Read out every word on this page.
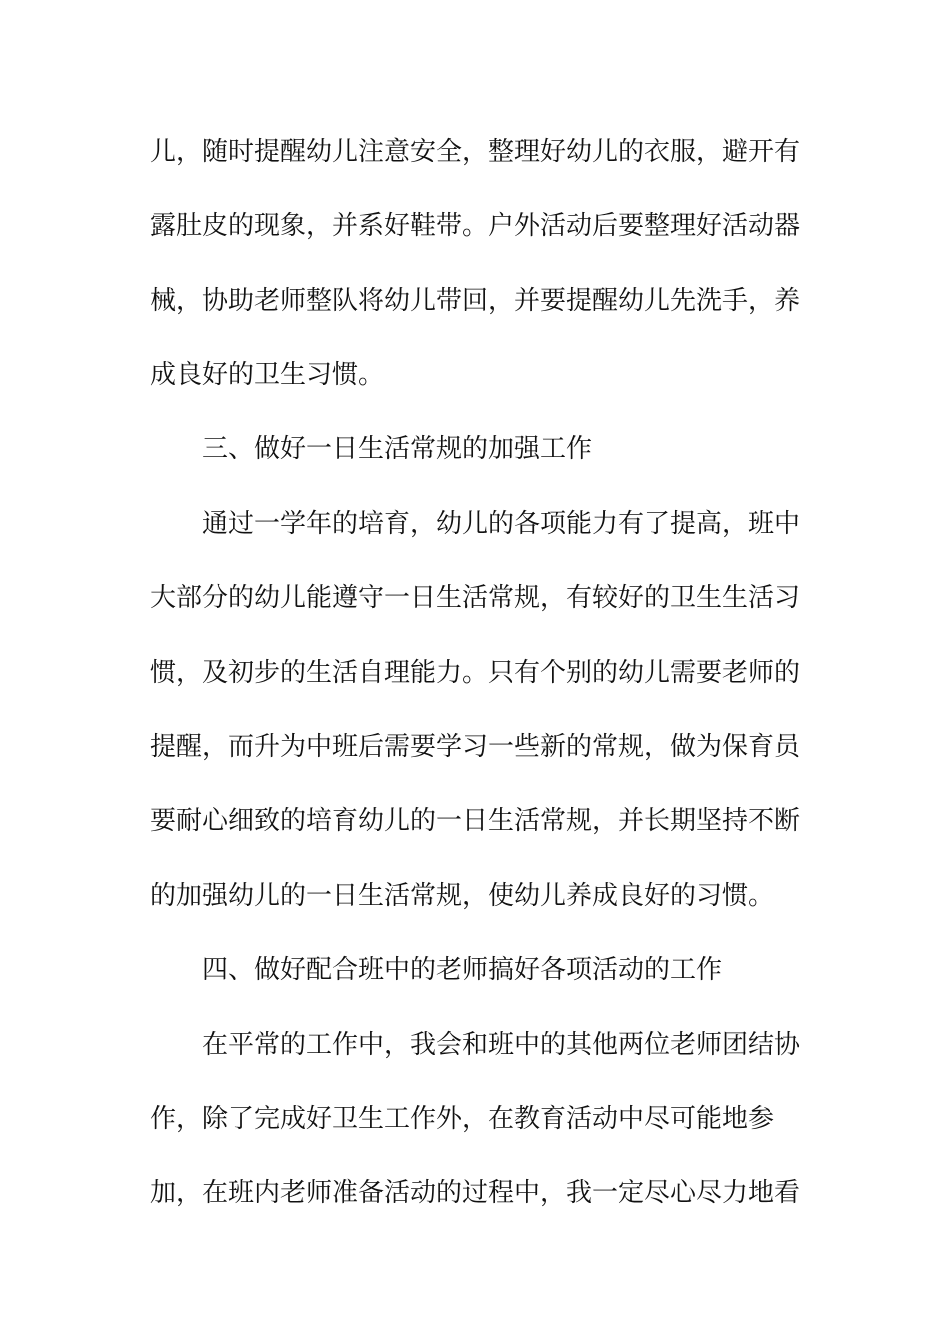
儿，随时提醒幼儿注意安全，整理好幼儿的衣服，避开有
露肚皮的现象，并系好鞋带。户外活动后要整理好活动器
械，协助老师整队将幼儿带回，并要提醒幼儿先洗手，养
成良好的卫生习惯。
三、做好一日生活常规的加强工作
通过一学年的培育，幼儿的各项能力有了提高，班中
大部分的幼儿能遵守一日生活常规，有较好的卫生生活习
惯，及初步的生活自理能力。只有个别的幼儿需要老师的
提醒，而升为中班后需要学习一些新的常规，做为保育员
要耐心细致的培育幼儿的一日生活常规，并长期坚持不断
的加强幼儿的一日生活常规，使幼儿养成良好的习惯。
四、做好配合班中的老师搞好各项活动的工作
在平常的工作中，我会和班中的其他两位老师团结协
作，除了完成好卫生工作外，在教育活动中尽可能地参
加，在班内老师准备活动的过程中，我一定尽心尽力地看
